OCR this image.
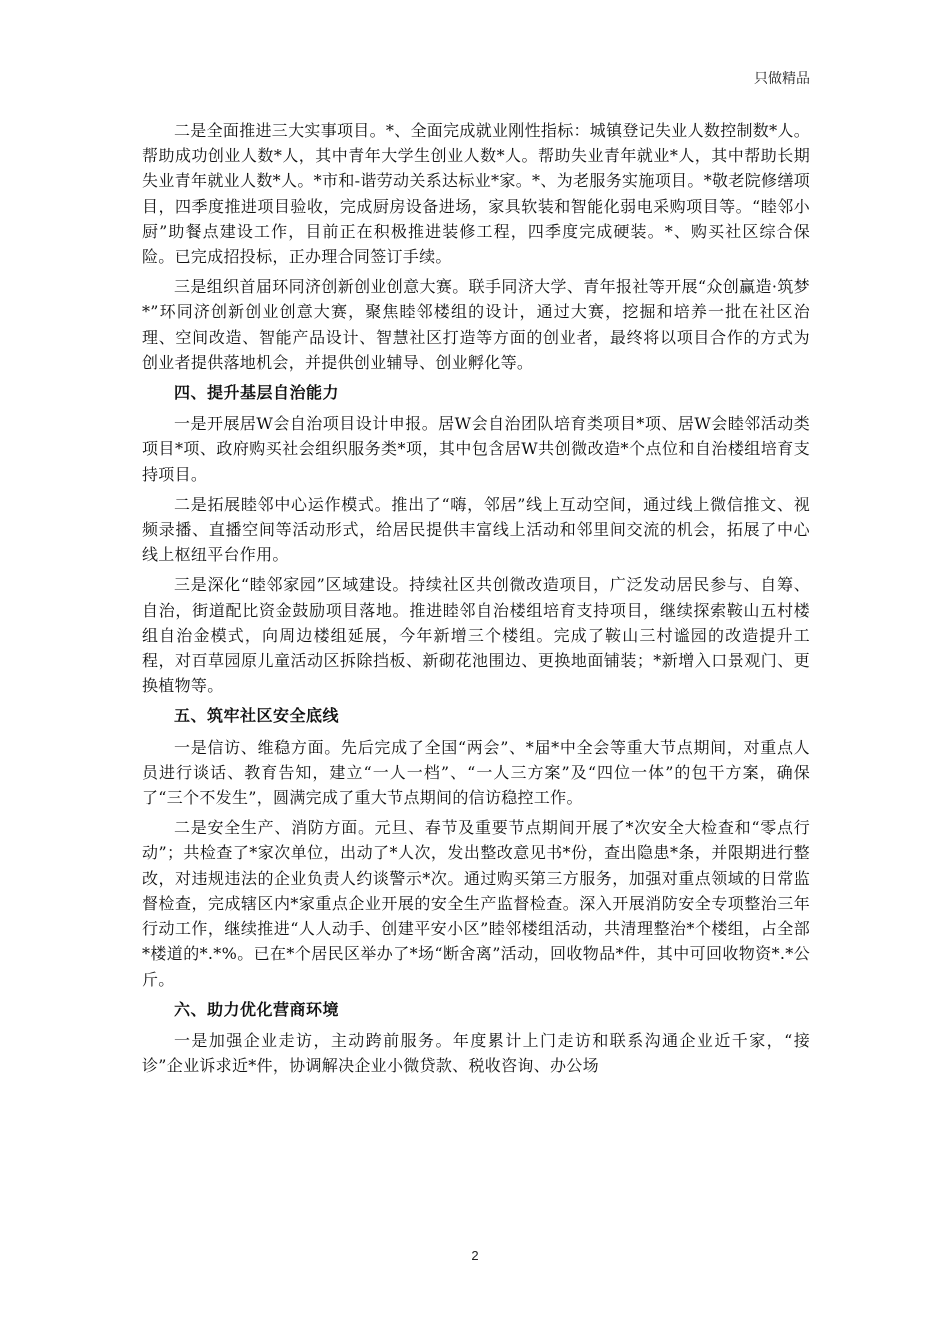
只做精品

二是全面推进三大实事项目。*、全面完成就业刚性指标：城镇登记失业人数控制数*人。帮助成功创业人数*人，其中青年大学生创业人数*人。帮助失业青年就业*人，其中帮助长期失业青年就业人数*人。*市和-谐劳动关系达标业*家。*、为老服务实施项目。*敬老院修缮项目，四季度推进项目验收，完成厨房设备进场，家具软装和智能化弱电采购项目等。“睦邻小厨”助餐点建设工作，目前正在积极推进装修工程，四季度完成硬装。*、购买社区综合保险。已完成招投标，正办理合同签订手续。

三是组织首届环同济创新创业创意大赛。联手同济大学、青年报社等开展“众创赢造·筑梦*”环同济创新创业创意大赛，聚焦睦邻楼组的设计，通过大赛，挖掘和培养一批在社区治理、空间改造、智能产品设计、智慧社区打造等方面的创业者，最终将以项目合作的方式为创业者提供落地机会，并提供创业辅导、创业孵化等。

四、提升基层自治能力

一是开展居W会自治项目设计申报。居W会自治团队培育类项目*项、居W会睦邻活动类项目*项、政府购买社会组织服务类*项，其中包含居W共创微改造*个点位和自治楼组培育支持项目。

二是拓展睦邻中心运作模式。推出了“嗨，邻居”线上互动空间，通过线上微信推文、视频录播、直播空间等活动形式，给居民提供丰富线上活动和邻里间交流的机会，拓展了中心线上枢纽平台作用。

三是深化“睦邻家园”区域建设。持续社区共创微改造项目，广泛发动居民参与、自筹、自治，街道配比资金鼓励项目落地。推进睦邻自治楼组培育支持项目，继续探索鞍山五村楼组自治金模式，向周边楼组延展，今年新增三个楼组。完成了鞍山三村谧园的改造提升工程，对百草园原儿童活动区拆除挡板、新砌花池围边、更换地面铺装；*新增入口景观门、更换植物等。

五、筑牢社区安全底线

一是信访、维稳方面。先后完成了全国“两会”、*届*中全会等重大节点期间，对重点人员进行谈话、教育告知，建立“一人一档”、“一人三方案”及“四位一体”的包干方案，确保了“三个不发生”，圆满完成了重大节点期间的信访稳控工作。

二是安全生产、消防方面。元旦、春节及重要节点期间开展了*次安全大检查和“零点行动”；共检查了*家次单位，出动了*人次，发出整改意见书*份，查出隐患*条，并限期进行整改，对违规违法的企业负责人约谈警示*次。通过购买第三方服务，加强对重点领域的日常监督检查，完成辖区内*家重点企业开展的安全生产监督检查。深入开展消防安全专项整治三年行动工作，继续推进“人人动手、创建平安小区”睦邻楼组活动，共清理整治*个楼组，占全部*楼道的*.*%。已在*个居民区举办了*场“断舍离”活动，回收物品*件，其中可回收物资*.*公斤。

六、助力优化营商环境

一是加强企业走访，主动跨前服务。年度累计上门走访和联系沟通企业近千家，“接诊”企业诉求近*件，协调解决企业小微贷款、税收咨询、办公场

2
